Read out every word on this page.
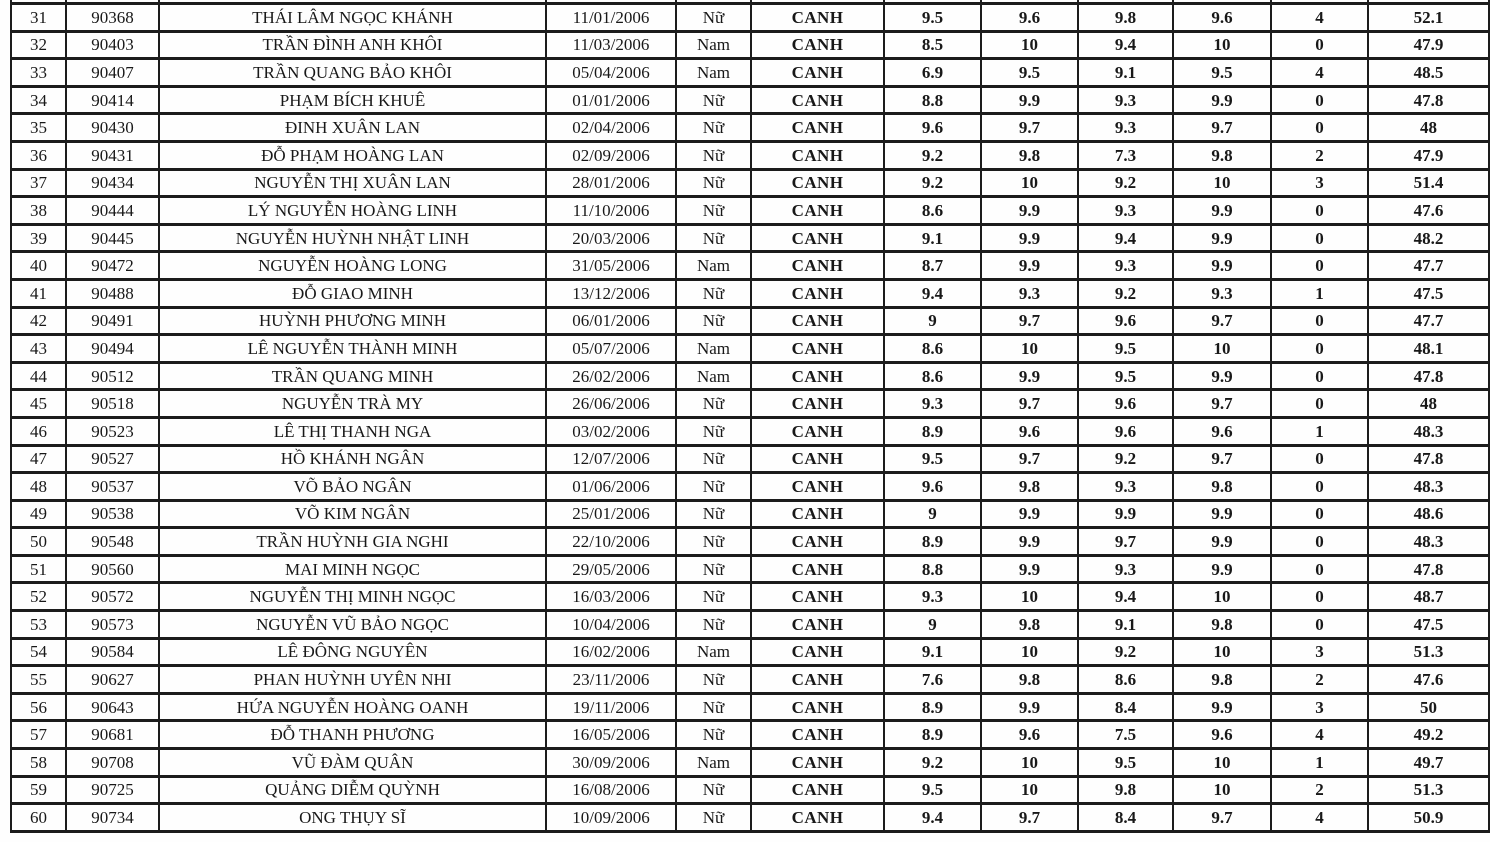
31	90368	THÁI LÂM NGỌC KHÁNH	11/01/2006	Nữ	CANH	9.5	9.6	9.8	9.6	4	52.1
32	90403	TRẦN ĐÌNH ANH KHÔI	11/03/2006	Nam	CANH	8.5	10	9.4	10	0	47.9
33	90407	TRẦN QUANG BẢO KHÔI	05/04/2006	Nam	CANH	6.9	9.5	9.1	9.5	4	48.5
34	90414	PHẠM BÍCH KHUÊ	01/01/2006	Nữ	CANH	8.8	9.9	9.3	9.9	0	47.8
35	90430	ĐINH XUÂN LAN	02/04/2006	Nữ	CANH	9.6	9.7	9.3	9.7	0	48
36	90431	ĐỖ PHẠM HOÀNG LAN	02/09/2006	Nữ	CANH	9.2	9.8	7.3	9.8	2	47.9
37	90434	NGUYỄN THỊ XUÂN LAN	28/01/2006	Nữ	CANH	9.2	10	9.2	10	3	51.4
38	90444	LÝ NGUYỄN HOÀNG LINH	11/10/2006	Nữ	CANH	8.6	9.9	9.3	9.9	0	47.6
39	90445	NGUYỄN HUỲNH NHẬT LINH	20/03/2006	Nữ	CANH	9.1	9.9	9.4	9.9	0	48.2
40	90472	NGUYỄN HOÀNG LONG	31/05/2006	Nam	CANH	8.7	9.9	9.3	9.9	0	47.7
41	90488	ĐỖ GIAO MINH	13/12/2006	Nữ	CANH	9.4	9.3	9.2	9.3	1	47.5
42	90491	HUỲNH PHƯƠNG MINH	06/01/2006	Nữ	CANH	9	9.7	9.6	9.7	0	47.7
43	90494	LÊ NGUYỄN THÀNH MINH	05/07/2006	Nam	CANH	8.6	10	9.5	10	0	48.1
44	90512	TRẦN QUANG MINH	26/02/2006	Nam	CANH	8.6	9.9	9.5	9.9	0	47.8
45	90518	NGUYỄN TRÀ MY	26/06/2006	Nữ	CANH	9.3	9.7	9.6	9.7	0	48
46	90523	LÊ THỊ THANH NGA	03/02/2006	Nữ	CANH	8.9	9.6	9.6	9.6	1	48.3
47	90527	HỒ KHÁNH NGÂN	12/07/2006	Nữ	CANH	9.5	9.7	9.2	9.7	0	47.8
48	90537	VÕ BẢO NGÂN	01/06/2006	Nữ	CANH	9.6	9.8	9.3	9.8	0	48.3
49	90538	VÕ KIM NGÂN	25/01/2006	Nữ	CANH	9	9.9	9.9	9.9	0	48.6
50	90548	TRẦN HUỲNH GIA NGHI	22/10/2006	Nữ	CANH	8.9	9.9	9.7	9.9	0	48.3
51	90560	MAI MINH NGỌC	29/05/2006	Nữ	CANH	8.8	9.9	9.3	9.9	0	47.8
52	90572	NGUYỄN THỊ MINH NGỌC	16/03/2006	Nữ	CANH	9.3	10	9.4	10	0	48.7
53	90573	NGUYỄN VŨ BẢO NGỌC	10/04/2006	Nữ	CANH	9	9.8	9.1	9.8	0	47.5
54	90584	LÊ ĐÔNG NGUYÊN	16/02/2006	Nam	CANH	9.1	10	9.2	10	3	51.3
55	90627	PHAN HUỲNH UYÊN NHI	23/11/2006	Nữ	CANH	7.6	9.8	8.6	9.8	2	47.6
56	90643	HỨA NGUYỄN HOÀNG OANH	19/11/2006	Nữ	CANH	8.9	9.9	8.4	9.9	3	50
57	90681	ĐỖ THANH PHƯƠNG	16/05/2006	Nữ	CANH	8.9	9.6	7.5	9.6	4	49.2
58	90708	VŨ ĐÀM QUÂN	30/09/2006	Nam	CANH	9.2	10	9.5	10	1	49.7
59	90725	QUẢNG DIỄM QUỲNH	16/08/2006	Nữ	CANH	9.5	10	9.8	10	2	51.3
60	90734	ONG THỤY SĨ	10/09/2006	Nữ	CANH	9.4	9.7	8.4	9.7	4	50.9
